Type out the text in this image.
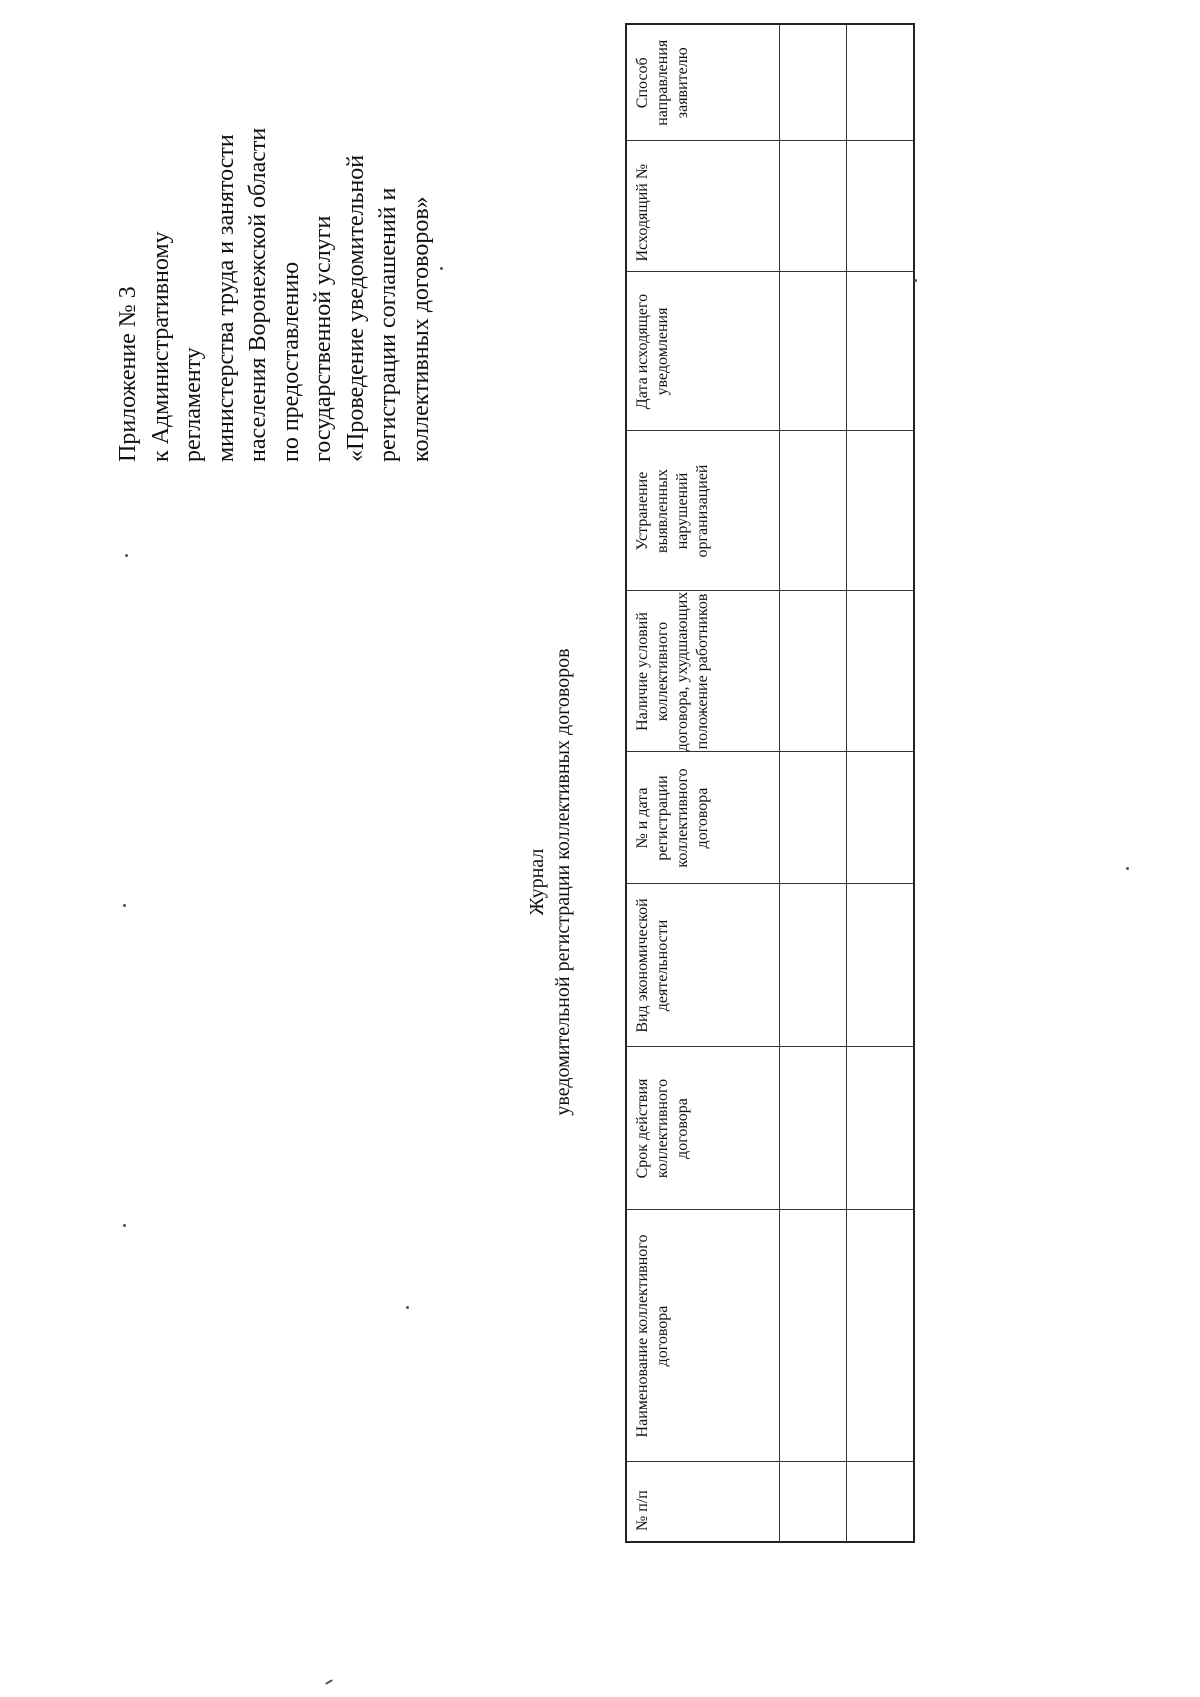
Приложение № 3 к Административному регламенту министерства труда и занятости населения Воронежской области по предоставлению государственной услуги «Проведение уведомительной регистрации соглашений и коллективных договоров»
Журнал уведомительной регистрации коллективных договоров
№ п/п	Наименование коллективного договора	Срок действия коллективного договора	Вид экономической деятельности	№ и дата регистрации коллективного договора	Наличие условий коллективного договора, ухудшающих положение работников	Устранение выявленных нарушений организацией	Дата исходящего уведомления	Исходящий №	Способ направления заявителю
